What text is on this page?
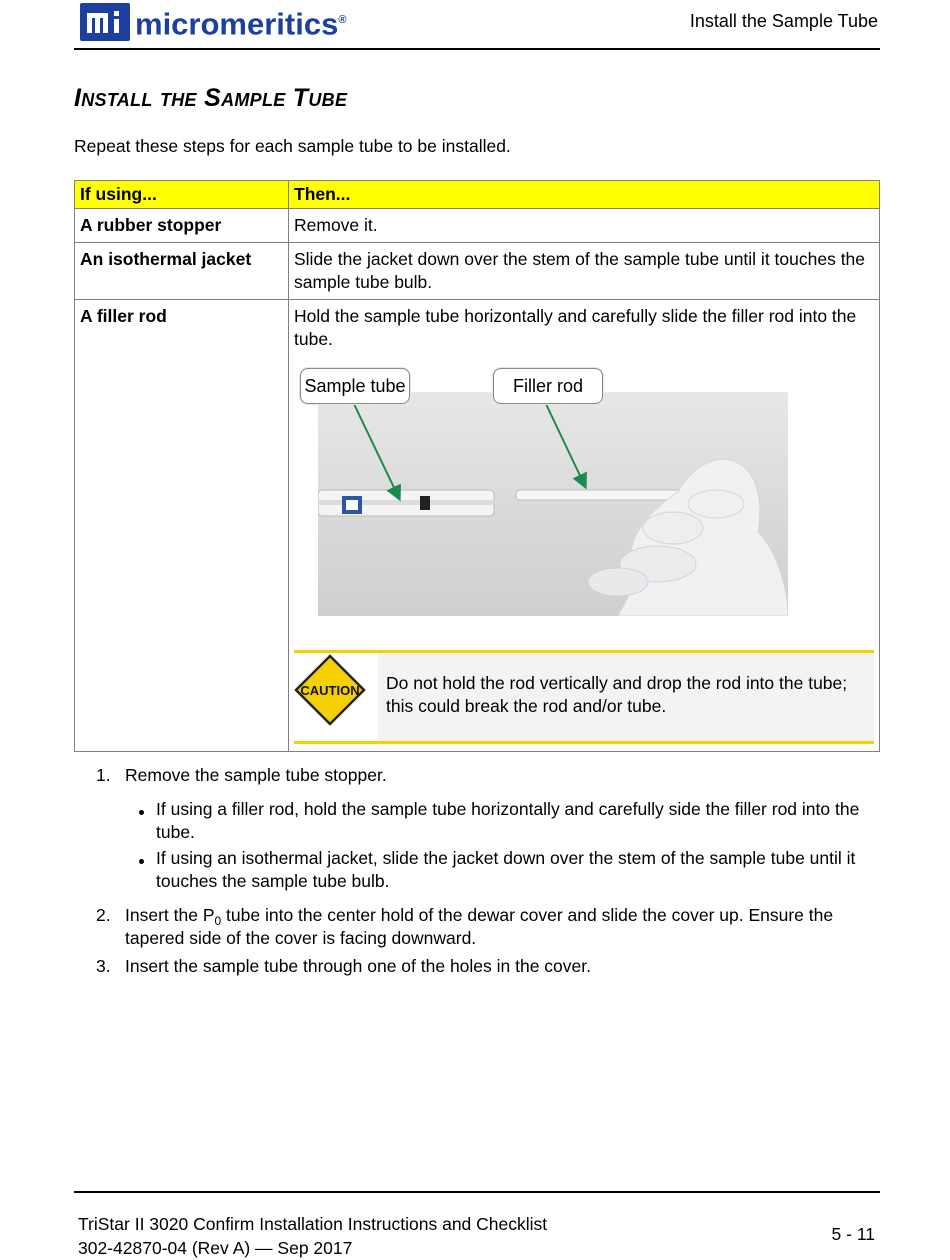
micromeritics®	Install the Sample Tube
Install the Sample Tube
Repeat these steps for each sample tube to be installed.
If using...	Then...
A rubber stopper	Remove it.
An isothermal jacket	Slide the jacket down over the stem of the sample tube until it touches the sample tube bulb.
A filler rod	Hold the sample tube horizontally and carefully slide the filler rod into the tube.
Sample tube Filler rod
CAUTION Do not hold the rod vertically and drop the rod into the tube; this could break the rod and/or tube.
1. Remove the sample tube stopper.
If using a filler rod, hold the sample tube horizontally and carefully side the filler rod into the tube.
If using an isothermal jacket, slide the jacket down over the stem of the sample tube until it touches the sample tube bulb.
2. Insert the $P_0$ tube into the center hold of the dewar cover and slide the cover up. Ensure the tapered side of the cover is facing downward.
3. Insert the sample tube through one of the holes in the cover.
TriStar II 3020 Confirm Installation Instructions and Checklist
302-42870-04 (Rev A) — Sep 2017
5 - 11
